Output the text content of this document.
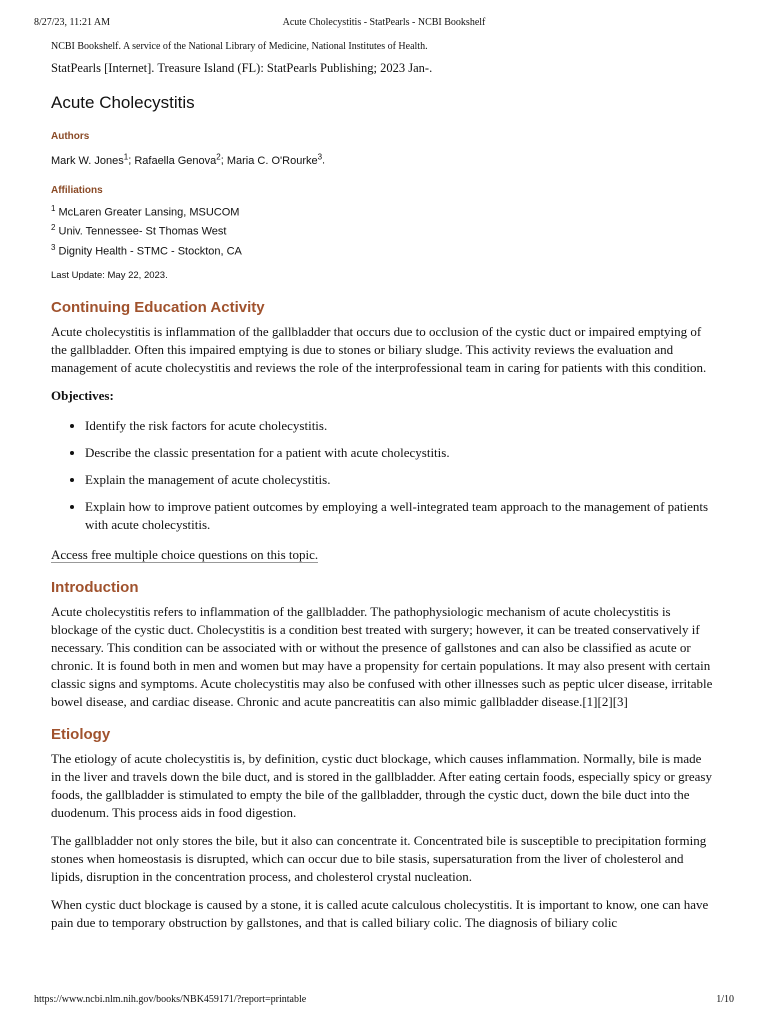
8/27/23, 11:21 AM	Acute Cholecystitis - StatPearls - NCBI Bookshelf

NCBI Bookshelf. A service of the National Library of Medicine, National Institutes of Health.

StatPearls [Internet]. Treasure Island (FL): StatPearls Publishing; 2023 Jan-.

Acute Cholecystitis

Authors

Mark W. Jones$^1$; Rafaella Genova$^2$; Maria C. O'Rourke$^3$.

Affiliations

$^1$ McLaren Greater Lansing, MSUCOM
$^2$ Univ. Tennessee- St Thomas West
$^3$ Dignity Health - STMC - Stockton, CA

Last Update: May 22, 2023.

Continuing Education Activity

Acute cholecystitis is inflammation of the gallbladder that occurs due to occlusion of the cystic duct or impaired emptying of the gallbladder. Often this impaired emptying is due to stones or biliary sludge. This activity reviews the evaluation and management of acute cholecystitis and reviews the role of the interprofessional team in caring for patients with this condition.

Objectives:

• Identify the risk factors for acute cholecystitis.
• Describe the classic presentation for a patient with acute cholecystitis.
• Explain the management of acute cholecystitis.
• Explain how to improve patient outcomes by employing a well-integrated team approach to the management of patients with acute cholecystitis.

Access free multiple choice questions on this topic.

Introduction

Acute cholecystitis refers to inflammation of the gallbladder. The pathophysiologic mechanism of acute cholecystitis is blockage of the cystic duct. Cholecystitis is a condition best treated with surgery; however, it can be treated conservatively if necessary. This condition can be associated with or without the presence of gallstones and can also be classified as acute or chronic. It is found both in men and women but may have a propensity for certain populations. It may also present with certain classic signs and symptoms. Acute cholecystitis may also be confused with other illnesses such as peptic ulcer disease, irritable bowel disease, and cardiac disease. Chronic and acute pancreatitis can also mimic gallbladder disease.[1][2][3]

Etiology

The etiology of acute cholecystitis is, by definition, cystic duct blockage, which causes inflammation. Normally, bile is made in the liver and travels down the bile duct, and is stored in the gallbladder. After eating certain foods, especially spicy or greasy foods, the gallbladder is stimulated to empty the bile of the gallbladder, through the cystic duct, down the bile duct into the duodenum. This process aids in food digestion.

The gallbladder not only stores the bile, but it also can concentrate it. Concentrated bile is susceptible to precipitation forming stones when homeostasis is disrupted, which can occur due to bile stasis, supersaturation from the liver of cholesterol and lipids, disruption in the concentration process, and cholesterol crystal nucleation.

When cystic duct blockage is caused by a stone, it is called acute calculous cholecystitis. It is important to know, one can have pain due to temporary obstruction by gallstones, and that is called biliary colic. The diagnosis of biliary colic

https://www.ncbi.nlm.nih.gov/books/NBK459171/?report=printable	1/10
